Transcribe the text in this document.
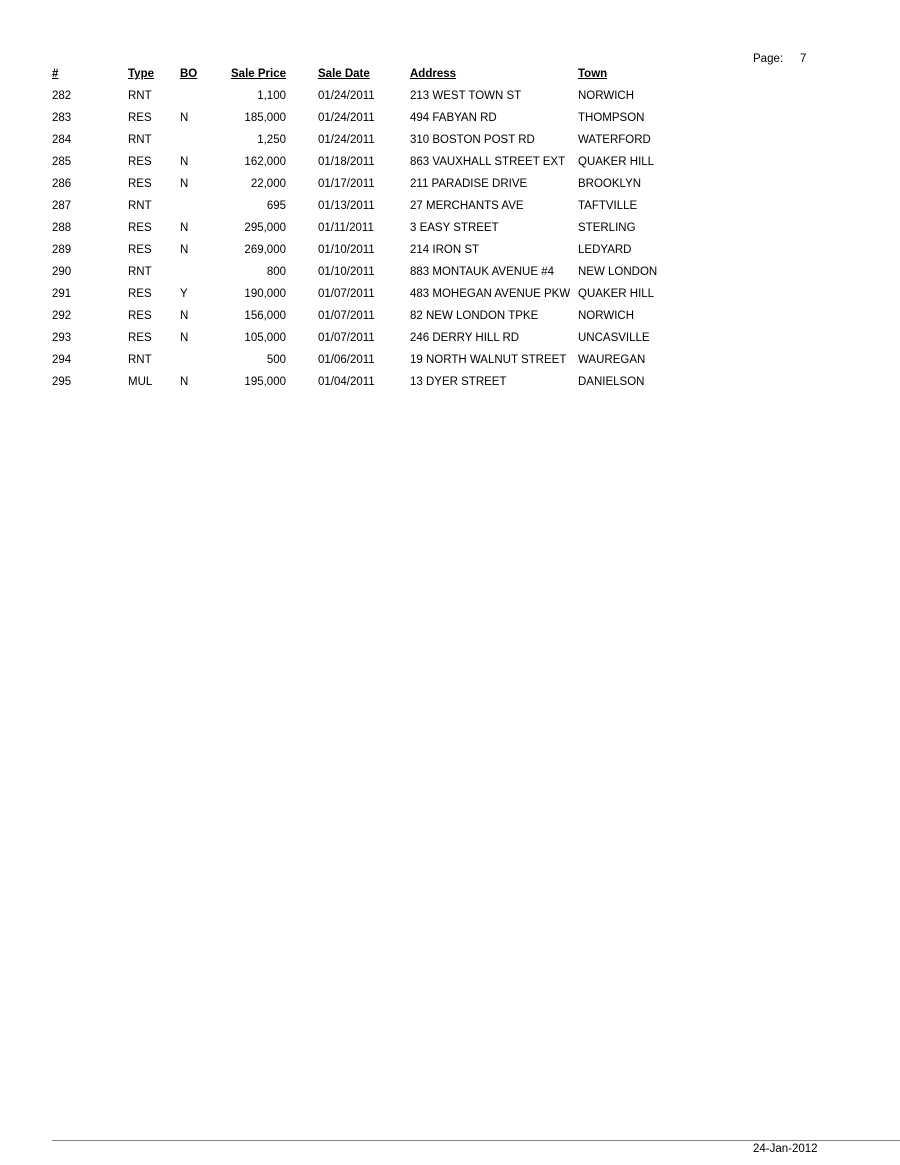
Page: 7
#	Type	BO	Sale Price		Sale Date		Address	Town
282	RNT		1,100		01/24/2011		213 WEST TOWN ST	NORWICH
283	RES	N	185,000		01/24/2011		494 FABYAN RD	THOMPSON
284	RNT		1,250		01/24/2011		310 BOSTON POST RD	WATERFORD
285	RES	N	162,000		01/18/2011		863 VAUXHALL STREET EXT	QUAKER HILL
286	RES	N	22,000		01/17/2011		211 PARADISE DRIVE	BROOKLYN
287	RNT		695		01/13/2011		27 MERCHANTS AVE	TAFTVILLE
288	RES	N	295,000		01/11/2011		3 EASY STREET	STERLING
289	RES	N	269,000		01/10/2011		214 IRON ST	LEDYARD
290	RNT		800		01/10/2011		883 MONTAUK AVENUE #4	NEW LONDON
291	RES	Y	190,000		01/07/2011		483 MOHEGAN AVENUE PKW	QUAKER HILL
292	RES	N	156,000		01/07/2011		82 NEW LONDON TPKE	NORWICH
293	RES	N	105,000		01/07/2011		246 DERRY HILL RD	UNCASVILLE
294	RNT		500		01/06/2011		19 NORTH WALNUT STREET	WAUREGAN
295	MUL	N	195,000		01/04/2011		13 DYER STREET	DANIELSON
24-Jan-2012
